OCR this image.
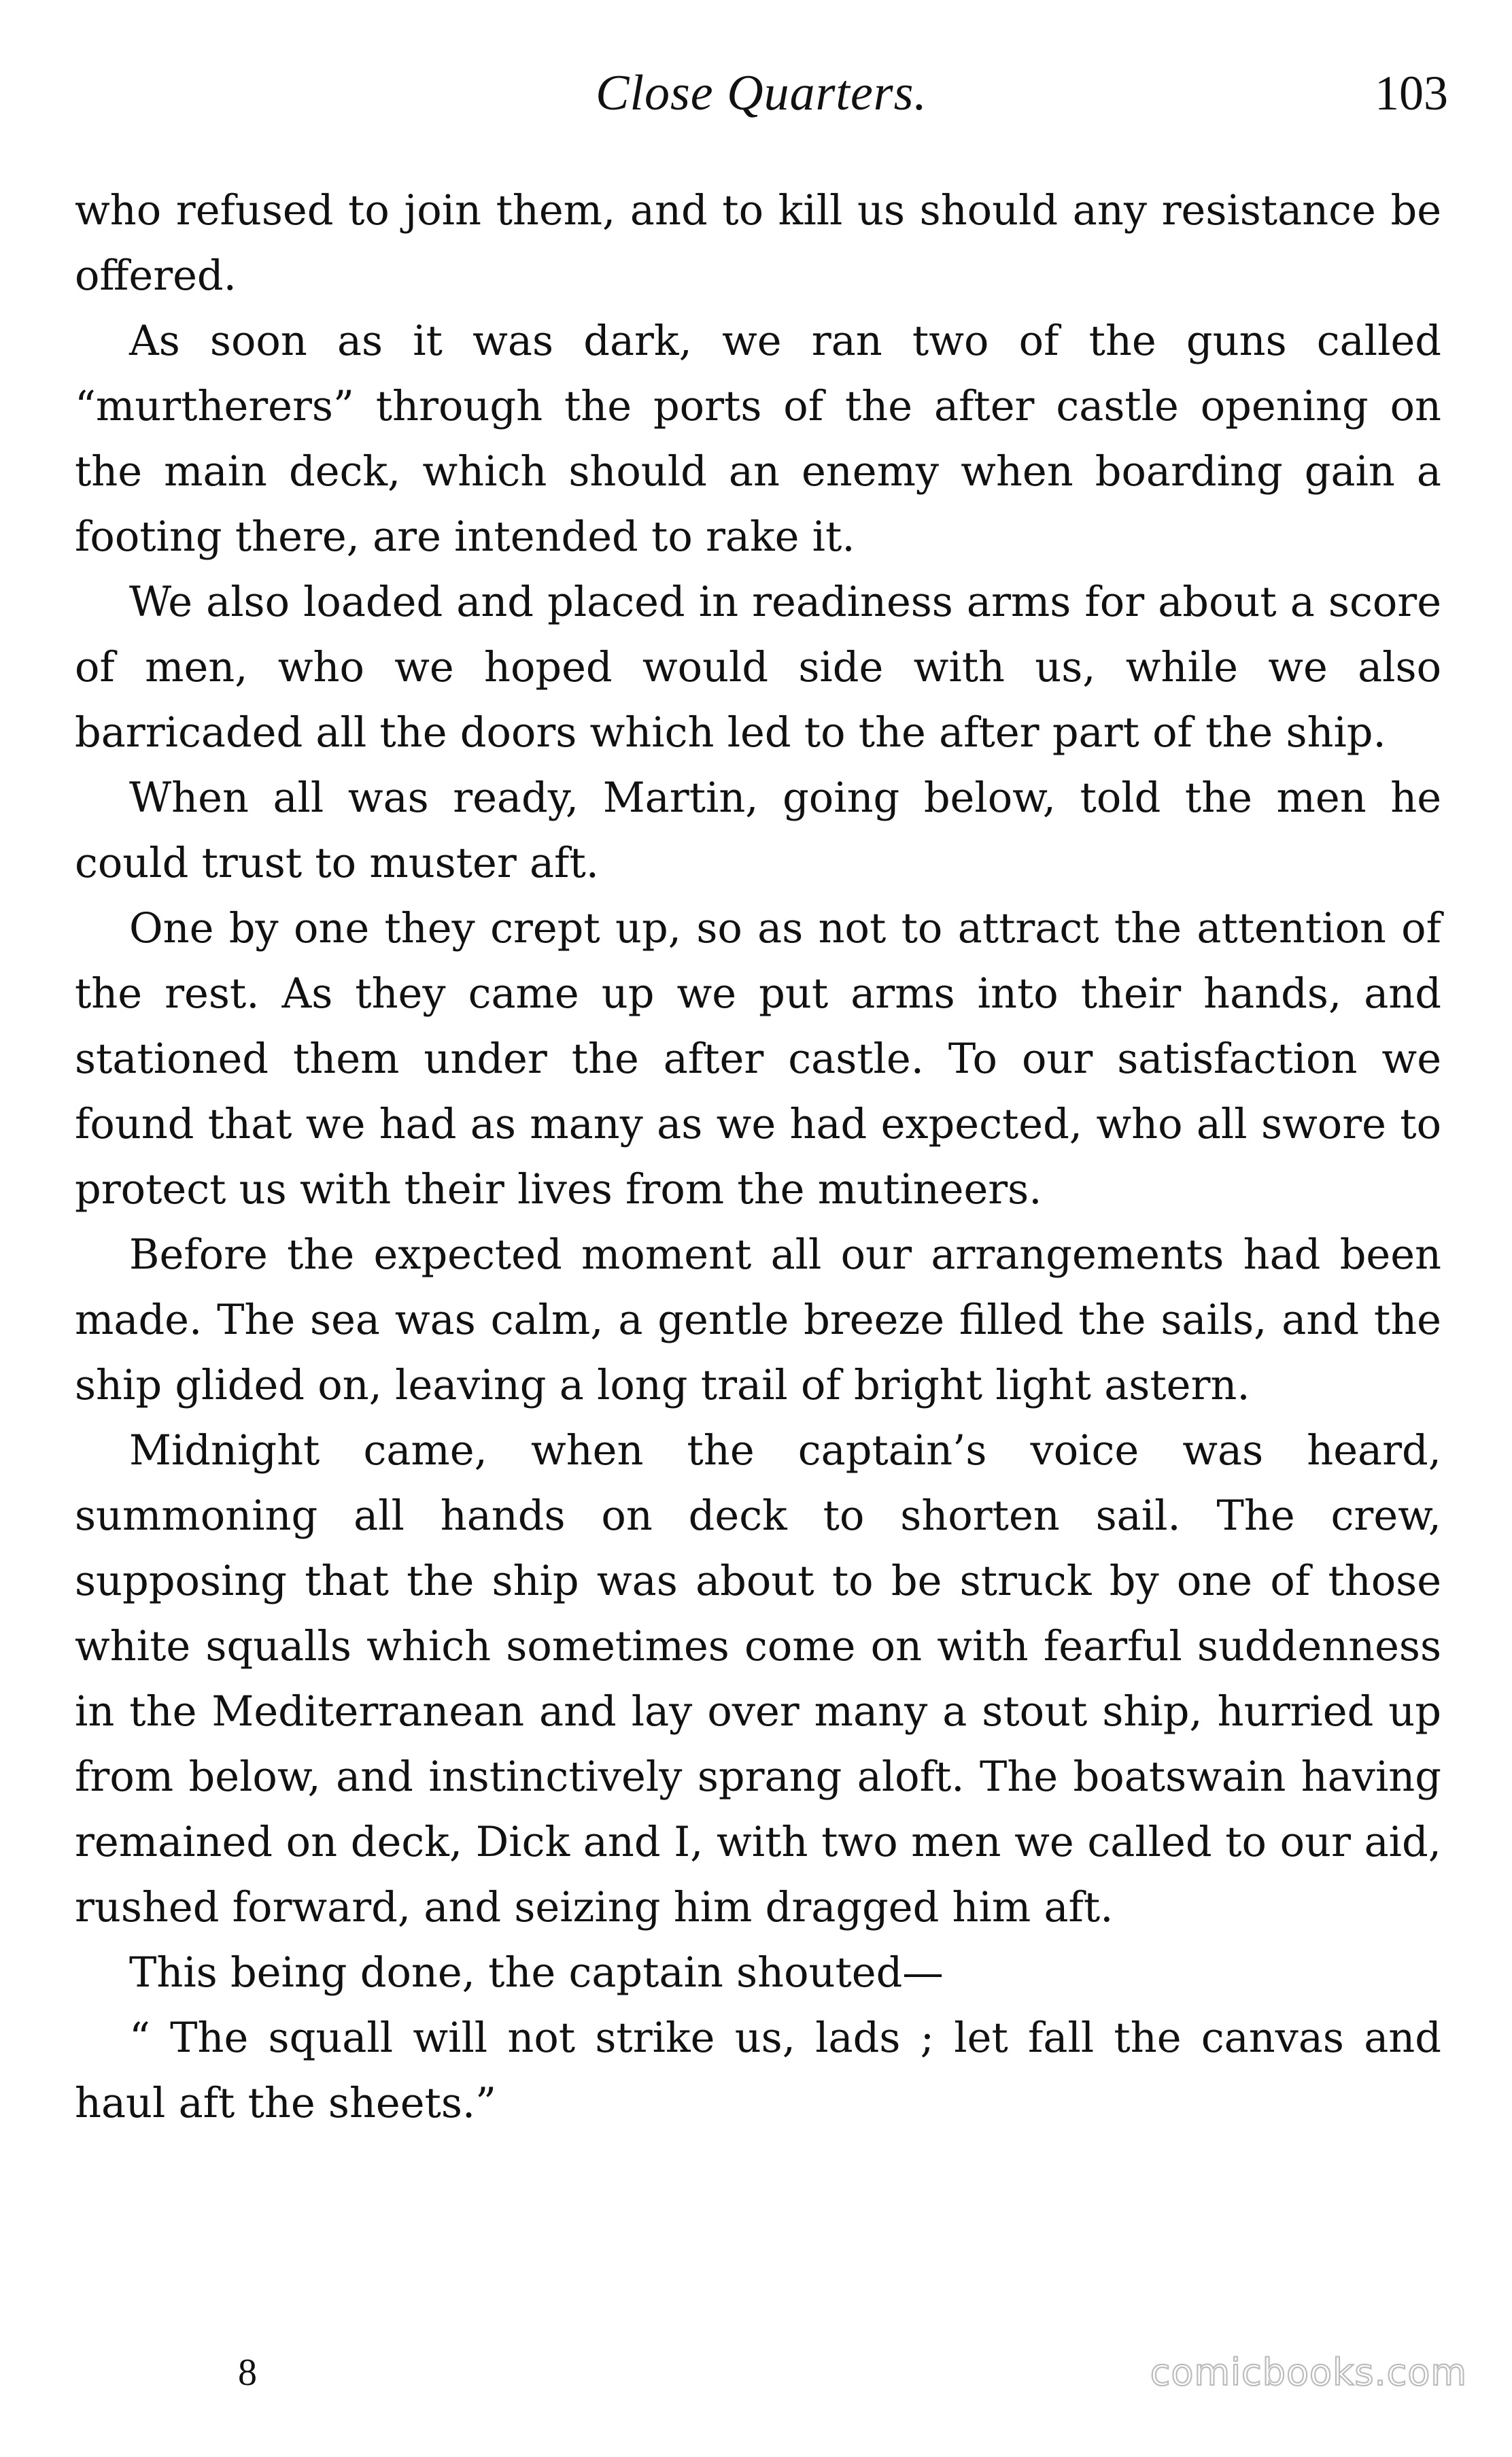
Close Quarters.	103

who refused to join them, and to kill us should any resistance be offered.

As soon as it was dark, we ran two of the guns called “murtherers” through the ports of the after castle opening on the main deck, which should an enemy when boarding gain a footing there, are intended to rake it.

We also loaded and placed in readiness arms for about a score of men, who we hoped would side with us, while we also barricaded all the doors which led to the after part of the ship.

When all was ready, Martin, going below, told the men he could trust to muster aft.

One by one they crept up, so as not to attract the attention of the rest. As they came up we put arms into their hands, and stationed them under the after castle. To our satisfaction we found that we had as many as we had expected, who all swore to protect us with their lives from the mutineers.

Before the expected moment all our arrangements had been made. The sea was calm, a gentle breeze filled the sails, and the ship glided on, leaving a long trail of bright light astern.

Midnight came, when the captain’s voice was heard, summoning all hands on deck to shorten sail. The crew, supposing that the ship was about to be struck by one of those white squalls which sometimes come on with fearful suddenness in the Mediterranean and lay over many a stout ship, hurried up from below, and instinctively sprang aloft. The boatswain having remained on deck, Dick and I, with two men we called to our aid, rushed forward, and seizing him dragged him aft.

This being done, the captain shouted—

“ The squall will not strike us, lads ; let fall the canvas and haul aft the sheets.”

8	comicbooks.com
